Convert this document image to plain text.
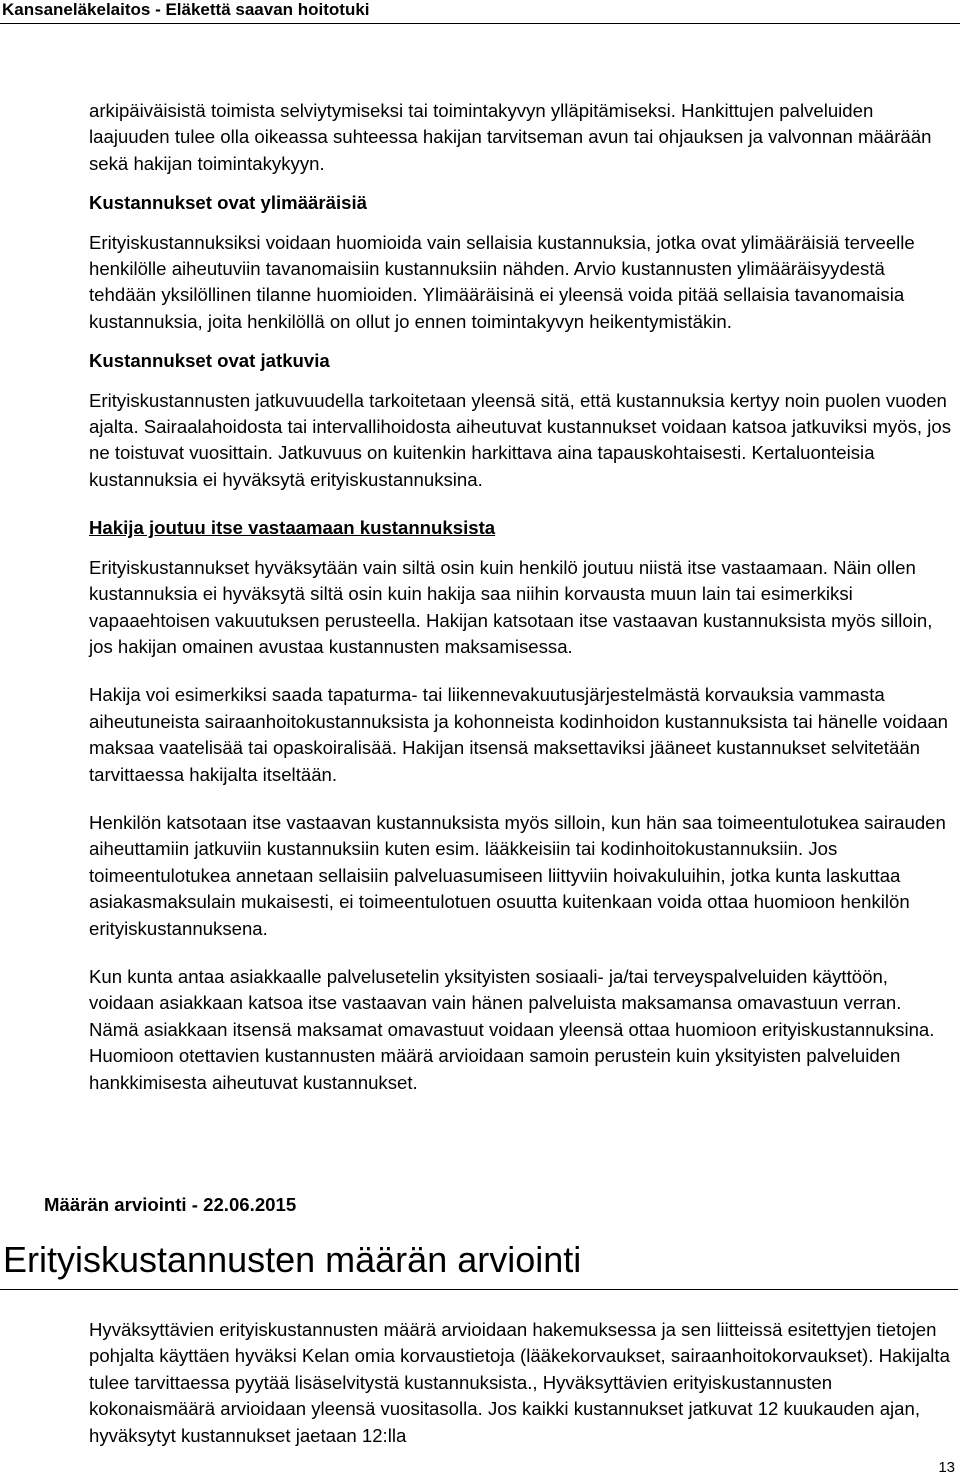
Kansaneläkelaitos - Eläkettä saavan hoitotuki

arkipäiväisistä toimista selviytymiseksi tai toimintakyvyn ylläpitämiseksi. Hankittujen palveluiden laajuuden tulee olla oikeassa suhteessa hakijan tarvitseman avun tai ohjauksen ja valvonnan määrään sekä hakijan toimintakykyyn.

Kustannukset ovat ylimääräisiä

Erityiskustannuksiksi voidaan huomioida vain sellaisia kustannuksia, jotka ovat ylimääräisiä terveelle henkilölle aiheutuviin tavanomaisiin kustannuksiin nähden. Arvio kustannusten ylimääräisyydestä tehdään yksilöllinen tilanne huomioiden. Ylimääräisinä ei yleensä voida pitää sellaisia tavanomaisia kustannuksia, joita henkilöllä on ollut jo ennen toimintakyvyn heikentymistäkin.

Kustannukset ovat jatkuvia

Erityiskustannusten jatkuvuudella tarkoitetaan yleensä sitä, että kustannuksia kertyy noin puolen vuoden ajalta. Sairaalahoidosta tai intervallihoidosta aiheutuvat kustannukset voidaan katsoa jatkuviksi myös, jos ne toistuvat vuosittain. Jatkuvuus on kuitenkin harkittava aina tapauskohtaisesti. Kertaluonteisia kustannuksia ei hyväksytä erityiskustannuksina.

Hakija joutuu itse vastaamaan kustannuksista

Erityiskustannukset hyväksytään vain siltä osin kuin henkilö joutuu niistä itse vastaamaan. Näin ollen kustannuksia ei hyväksytä siltä osin kuin hakija saa niihin korvausta muun lain tai esimerkiksi vapaaehtoisen vakuutuksen perusteella. Hakijan katsotaan itse vastaavan kustannuksista myös silloin, jos hakijan omainen avustaa kustannusten maksamisessa.

Hakija voi esimerkiksi saada tapaturma- tai liikennevakuutusjärjestelmästä korvauksia vammasta aiheutuneista sairaanhoitokustannuksista ja kohonneista kodinhoidon kustannuksista tai hänelle voidaan maksaa vaatelisää tai opaskoiralisää. Hakijan itsensä maksettaviksi jääneet kustannukset selvitetään tarvittaessa hakijalta itseltään.

Henkilön katsotaan itse vastaavan kustannuksista myös silloin, kun hän saa toimeentulotukea sairauden aiheuttamiin jatkuviin kustannuksiin kuten esim. lääkkeisiin tai kodinhoitokustannuksiin. Jos toimeentulotukea annetaan sellaisiin palveluasumiseen liittyviin hoivakuluihin, jotka kunta laskuttaa asiakasmaksulain mukaisesti, ei toimeentulotuen osuutta kuitenkaan voida ottaa huomioon henkilön erityiskustannuksena.

Kun kunta antaa asiakkaalle palvelusetelin yksityisten sosiaali- ja/tai terveyspalveluiden käyttöön, voidaan asiakkaan katsoa itse vastaavan vain hänen palveluista maksamansa omavastuun verran. Nämä asiakkaan itsensä maksamat omavastuut voidaan yleensä ottaa huomioon erityiskustannuksina. Huomioon otettavien kustannusten määrä arvioidaan samoin perustein kuin yksityisten palveluiden hankkimisesta aiheutuvat kustannukset.

Määrän arviointi - 22.06.2015
Erityiskustannusten määrän arviointi

Hyväksyttävien erityiskustannusten määrä arvioidaan hakemuksessa ja sen liitteissä esitettyjen tietojen pohjalta käyttäen hyväksi Kelan omia korvaustietoja (lääkekorvaukset, sairaanhoitokorvaukset). Hakijalta tulee tarvittaessa pyytää lisäselvitystä kustannuksista., Hyväksyttävien erityiskustannusten kokonaismäärä arvioidaan yleensä vuositasolla. Jos kaikki kustannukset jatkuvat 12 kuukauden ajan, hyväksytyt kustannukset jaetaan 12:lla

13
